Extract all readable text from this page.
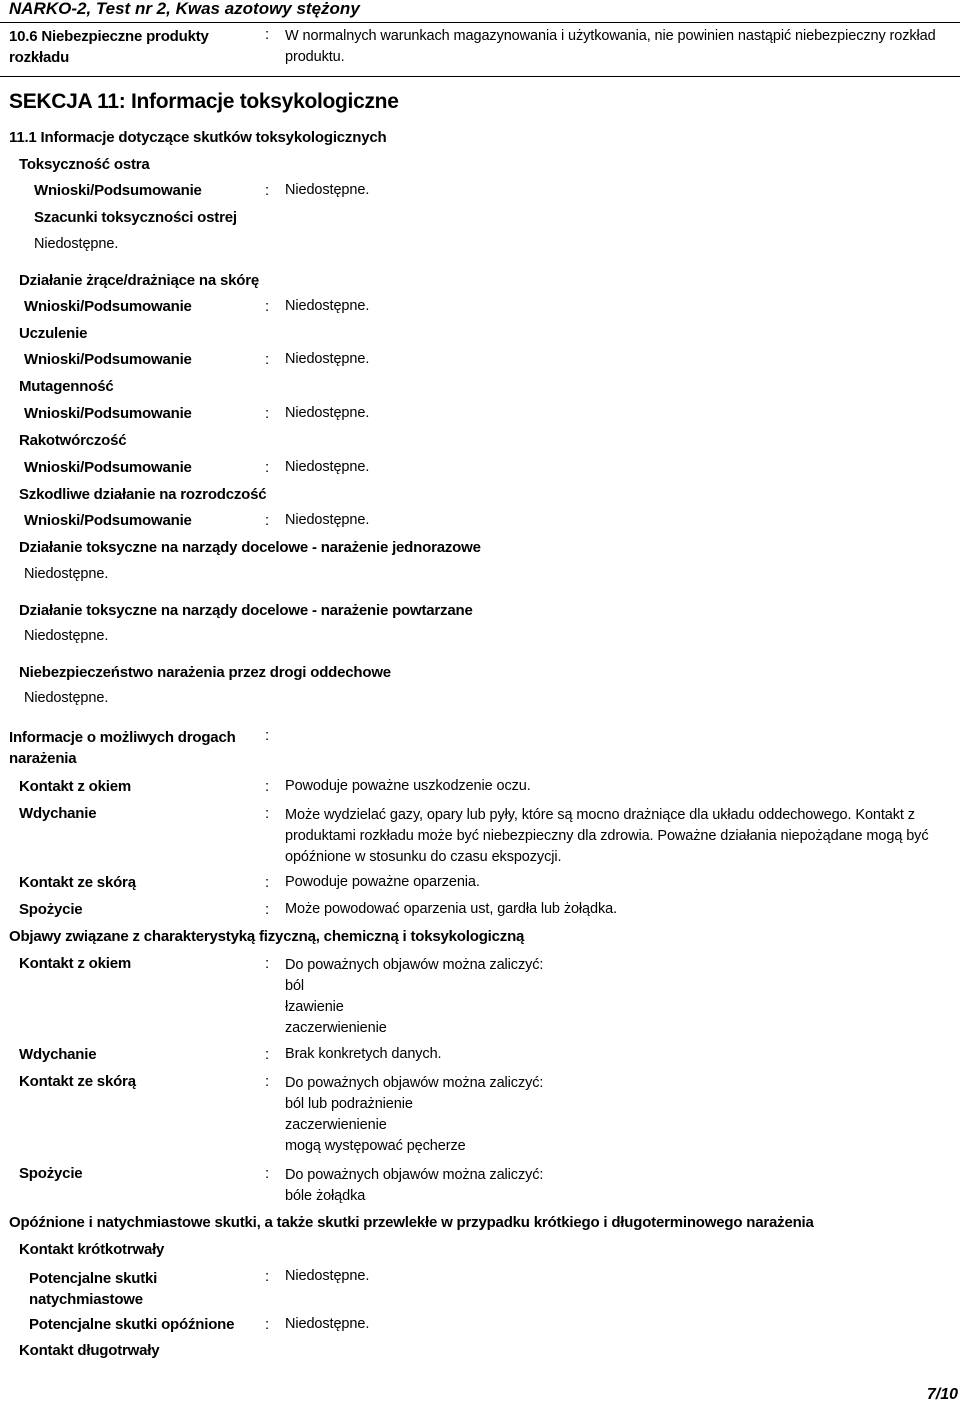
NARKO-2, Test nr 2, Kwas azotowy stężony
10.6 Niebezpieczne produkty rozkładu
: W normalnych warunkach magazynowania i użytkowania, nie powinien nastąpić niebezpieczny rozkład produktu.
SEKCJA 11: Informacje toksykologiczne
11.1 Informacje dotyczące skutków toksykologicznych
Toksyczność ostra
Wnioski/Podsumowanie	: Niedostępne.
Szacunki toksyczności ostrej
Niedostępne.
Działanie żrące/drażniące na skórę
Wnioski/Podsumowanie	: Niedostępne.
Uczulenie
Wnioski/Podsumowanie	: Niedostępne.
Mutagenność
Wnioski/Podsumowanie	: Niedostępne.
Rakotwórczość
Wnioski/Podsumowanie	: Niedostępne.
Szkodliwe działanie na rozrodczość
Wnioski/Podsumowanie	: Niedostępne.
Działanie toksyczne na narządy docelowe - narażenie jednorazowe
Niedostępne.
Działanie toksyczne na narządy docelowe - narażenie powtarzane
Niedostępne.
Niebezpieczeństwo narażenia przez drogi oddechowe
Niedostępne.
Informacje o możliwych drogach narażenia
:
Kontakt z okiem	: Powoduje poważne uszkodzenie oczu.
Wdychanie	: Może wydzielać gazy, opary lub pyły, które są mocno drażniące dla układu oddechowego. Kontakt z produktami rozkładu może być niebezpieczny dla zdrowia. Poważne działania niepożądane mogą być opóźnione w stosunku do czasu ekspozycji.
Kontakt ze skórą	: Powoduje poważne oparzenia.
Spożycie	: Może powodować oparzenia ust, gardła lub żołądka.
Objawy związane z charakterystyką fizyczną, chemiczną i toksykologiczną
Kontakt z okiem	: Do poważnych objawów można zaliczyć:
ból
łzawienie
zaczerwienienie
Wdychanie	: Brak konkretych danych.
Kontakt ze skórą	: Do poważnych objawów można zaliczyć:
ból lub podrażnienie
zaczerwienienie
mogą występować pęcherze
Spożycie	: Do poważnych objawów można zaliczyć:
bóle żołądka
Opóźnione i natychmiastowe skutki, a także skutki przewlekłe w przypadku krótkiego i długoterminowego narażenia
Kontakt krótkotrwały
Potencjalne skutki natychmiastowe
: Niedostępne.
Potencjalne skutki opóźnione : Niedostępne.
Kontakt długotrwały
7/10
